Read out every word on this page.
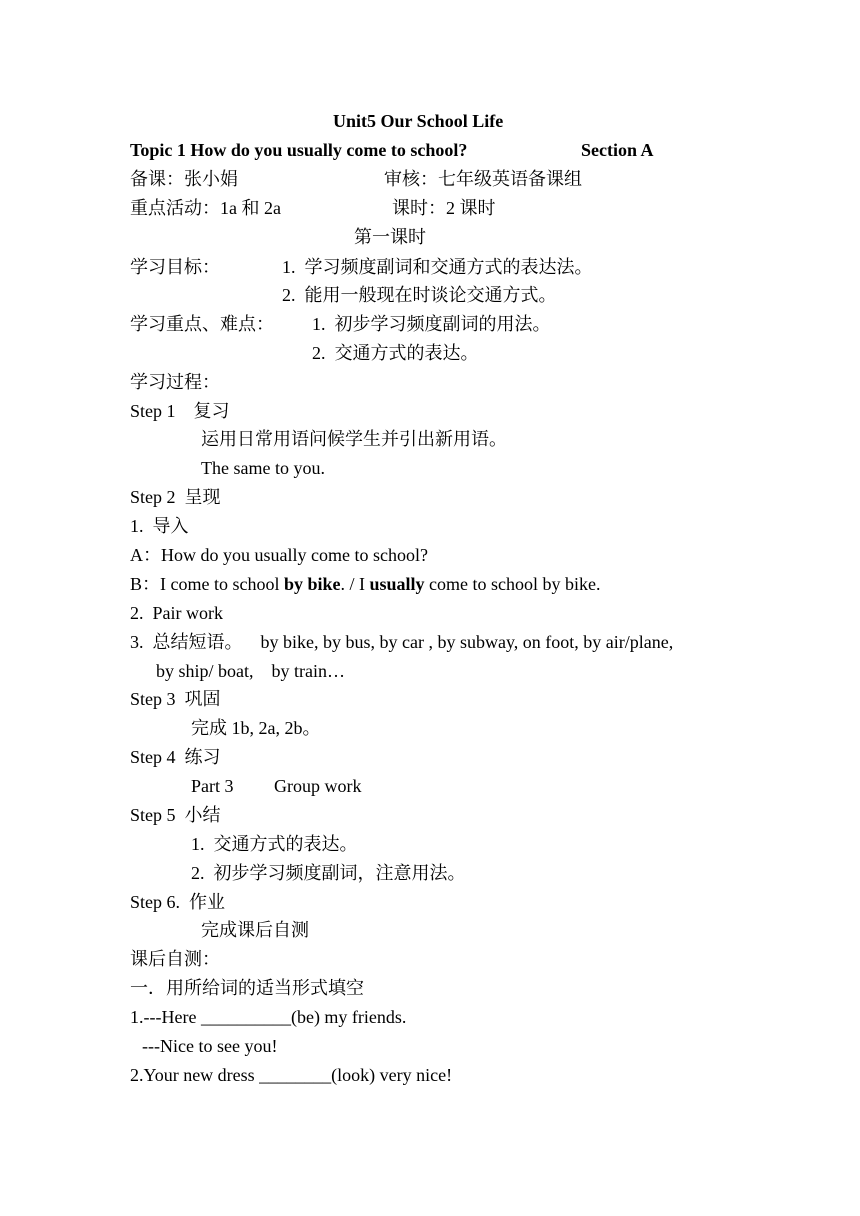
Unit5 Our School Life
Topic 1 How do you usually come to school?	Section A
备课：张小娟	审核：七年级英语备课组
重点活动：1a 和 2a	课时：2 课时
第一课时
学习目标：	1.  学习频度副词和交通方式的表达法。
2.  能用一般现在时谈论交通方式。
学习重点、难点： 1.  初步学习频度副词的用法。
2.  交通方式的表达。
学习过程：
Step 1    复习
运用日常用语问候学生并引出新用语。
The same to you.
Step 2  呈现
1.  导入
A：How do you usually come to school?
B：I come to school by bike. / I usually come to school by bike.
2.  Pair work
3.  总结短语。    by bike, by bus, by car , by subway, on foot, by air/plane,
by ship/ boat,    by train…
Step 3  巩固
完成 1b, 2a, 2b。
Step 4  练习
Part 3         Group work
Step 5  小结
1.  交通方式的表达。
2.  初步学习频度副词，注意用法。
Step 6.  作业
完成课后自测
课后自测：
一．用所给词的适当形式填空
1.---Here __________(be) my friends.
---Nice to see you!
2.Your new dress ________(look) very nice!
